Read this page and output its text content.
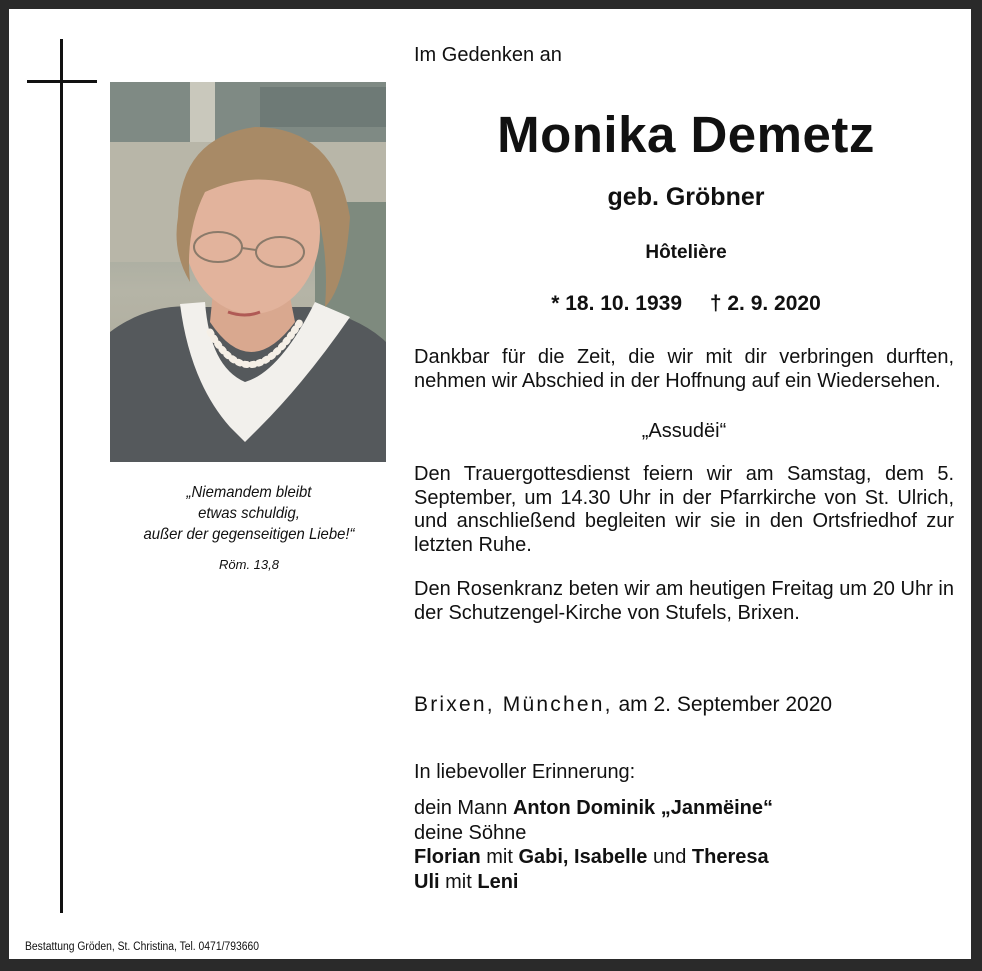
„Niemandem bleibt
etwas schuldig,
außer der gegenseitigen Liebe!“
Röm. 13,8
Im Gedenken an
Monika Demetz
geb. Gröbner
Hôtelière
* 18. 10. 1939 † 2. 9. 2020
Dankbar für die Zeit, die wir mit dir verbringen durften, nehmen wir Abschied in der Hoffnung auf ein Wiedersehen.
„Assudëi“
Den Trauergottesdienst feiern wir am Samstag, dem 5. September, um 14.30 Uhr in der Pfarrkirche von St. Ulrich, und anschließend begleiten wir sie in den Ortsfriedhof zur letzten Ruhe.
Den Rosenkranz beten wir am heutigen Freitag um 20 Uhr in der Schutzengel-Kirche von Stufels, Brixen.
Brixen, München, am 2. September 2020
In liebevoller Erinnerung:
dein Mann Anton Dominik „Janmëine“
deine Söhne
Florian mit Gabi, Isabelle und Theresa
Uli mit Leni
Bestattung Gröden, St. Christina, Tel. 0471/793660
